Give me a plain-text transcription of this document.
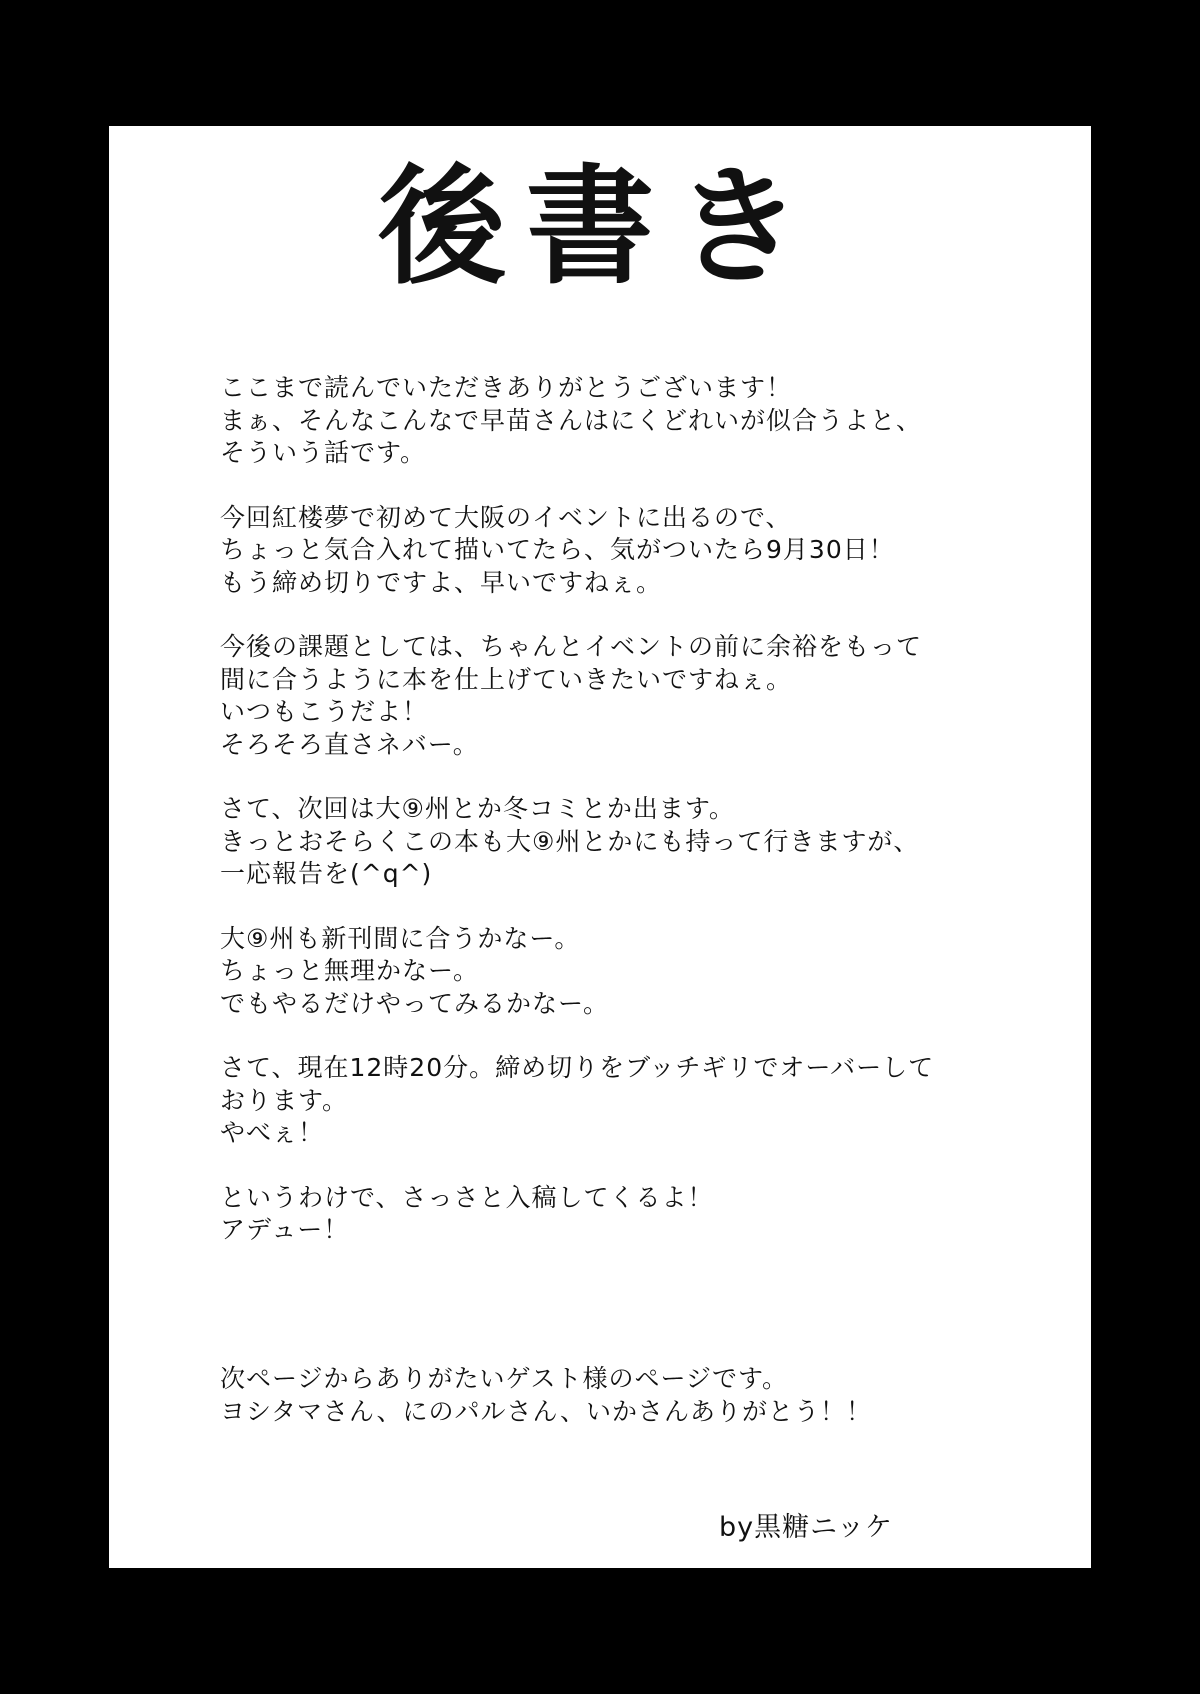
後書き
ここまで読んでいただきありがとうございます！
まぁ、そんなこんなで早苗さんはにくどれいが似合うよと、
そういう話です。
今回紅楼夢で初めて大阪のイベントに出るので、
ちょっと気合入れて描いてたら、気がついたら9月30日！
もう締め切りですよ、早いですねぇ。
今後の課題としては、ちゃんとイベントの前に余裕をもって
間に合うように本を仕上げていきたいですねぇ。
いつもこうだよ！
そろそろ直さネバー。
さて、次回は大⑨州とか冬コミとか出ます。
きっとおそらくこの本も大⑨州とかにも持って行きますが、
一応報告を(^q^)
大⑨州も新刊間に合うかなー。
ちょっと無理かなー。
でもやるだけやってみるかなー。
さて、現在12時20分。締め切りをブッチギリでオーバーして
おります。
やべぇ！
というわけで、さっさと入稿してくるよ！
アデュー！
次ページからありがたいゲスト様のページです。
ヨシタマさん、にのパルさん、いかさんありがとう！！
by黒糖ニッケ
